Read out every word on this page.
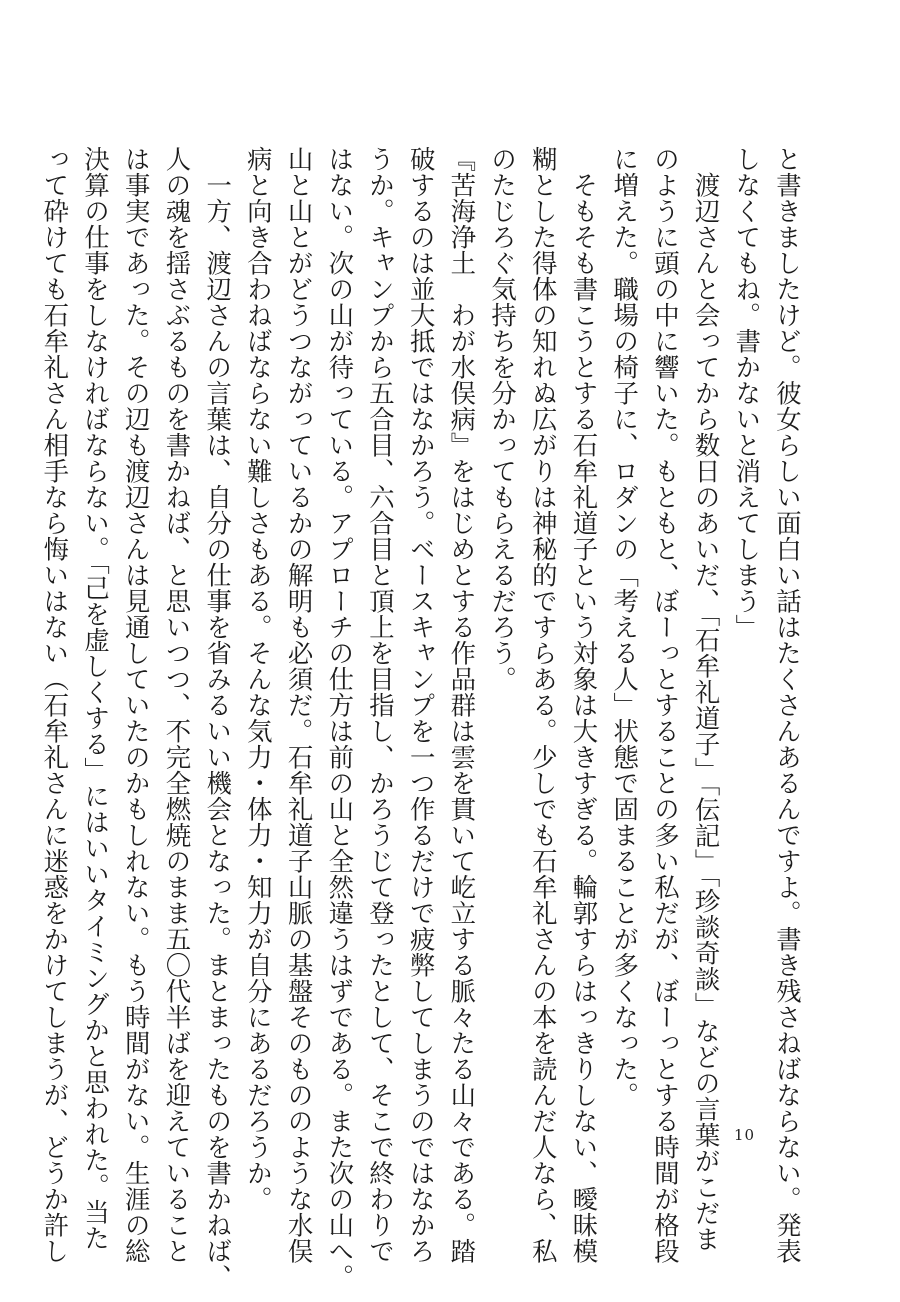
と書きましたけど。彼女らしい面白い話はたくさんあるんですよ。書き残さねばならない。発表
しなくてもね。書かないと消えてしまう」
　渡辺さんと会ってから数日のあいだ、「石牟礼道子」「伝記」「珍談奇談」などの言葉がこだま
のように頭の中に響いた。もともと、ぼーっとすることの多い私だが、ぼーっとする時間が格段
に増えた。職場の椅子に、ロダンの「考える人」状態で固まることが多くなった。
　そもそも書こうとする石牟礼道子という対象は大きすぎる。輪郭すらはっきりしない、曖昧模
糊とした得体の知れぬ広がりは神秘的ですらある。少しでも石牟礼さんの本を読んだ人なら、私
のたじろぐ気持ちを分かってもらえるだろう。
『苦海浄土　わが水俣病』をはじめとする作品群は雲を貫いて屹立する脈々たる山々である。踏
破するのは並大抵ではなかろう。ベースキャンプを一つ作るだけで疲弊してしまうのではなかろ
うか。キャンプから五合目、六合目と頂上を目指し、かろうじて登ったとして、そこで終わりで
はない。次の山が待っている。アプローチの仕方は前の山と全然違うはずである。また次の山へ。
山と山とがどうつながっているかの解明も必須だ。石牟礼道子山脈の基盤そのもののような水俣
病と向き合わねばならない難しさもある。そんな気力・体力・知力が自分にあるだろうか。
　一方、渡辺さんの言葉は、自分の仕事を省みるいい機会となった。まとまったものを書かねば、
人の魂を揺さぶるものを書かねば、と思いつつ、不完全燃焼のまま五〇代半ばを迎えていること
は事実であった。その辺も渡辺さんは見通していたのかもしれない。もう時間がない。生涯の総
決算の仕事をしなければならない。「己を虚しくする」にはいいタイミングかと思われた。当た
って砕けても石牟礼さん相手なら悔いはない（石牟礼さんに迷惑をかけてしまうが、どうか許し	10
